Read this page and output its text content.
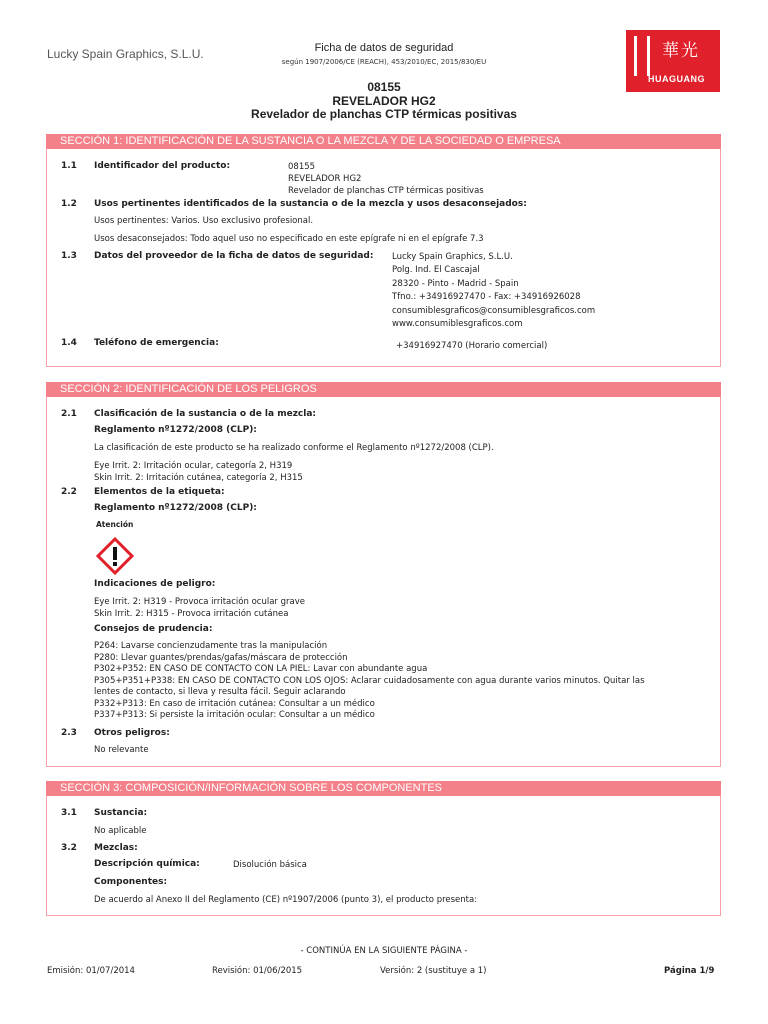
Lucky Spain Graphics, S.L.U.	Ficha de datos de seguridad
según 1907/2006/CE (REACH), 453/2010/EC, 2015/830/EU
華光
HUAGUANG
08155
REVELADOR HG2
Revelador de planchas CTP térmicas positivas
SECCIÓN 1: IDENTIFICACIÓN DE LA SUSTANCIA O LA MEZCLA Y DE LA SOCIEDAD O EMPRESA
1.1 Identificador del producto:	08155
REVELADOR HG2
Revelador de planchas CTP térmicas positivas
1.2 Usos pertinentes identificados de la sustancia o de la mezcla y usos desaconsejados:
Usos pertinentes: Varios. Uso exclusivo profesional.
Usos desaconsejados: Todo aquel uso no especificado en este epígrafe ni en el epígrafe 7.3
1.3 Datos del proveedor de la ficha de datos de seguridad: Lucky Spain Graphics, S.L.U.
Polg. Ind. El Cascajal
28320 - Pinto - Madrid - Spain
Tfno.: +34916927470 - Fax: +34916926028
consumiblesgraficos@consumiblesgraficos.com
www.consumiblesgraficos.com
1.4 Teléfono de emergencia:	+34916927470 (Horario comercial)
SECCIÓN 2: IDENTIFICACIÓN DE LOS PELIGROS
2.1 Clasificación de la sustancia o de la mezcla:
Reglamento nº1272/2008 (CLP):
La clasificación de este producto se ha realizado conforme el Reglamento nº1272/2008 (CLP).
Eye Irrit. 2: Irritación ocular, categoría 2, H319
Skin Irrit. 2: Irritación cutánea, categoría 2, H315
2.2 Elementos de la etiqueta:
Reglamento nº1272/2008 (CLP):
Atención
Indicaciones de peligro:
Eye Irrit. 2: H319 - Provoca irritación ocular grave
Skin Irrit. 2: H315 - Provoca irritación cutánea
Consejos de prudencia:
P264: Lavarse concienzudamente tras la manipulación
P280: Llevar guantes/prendas/gafas/máscara de protección
P302+P352: EN CASO DE CONTACTO CON LA PIEL: Lavar con abundante agua
P305+P351+P338: EN CASO DE CONTACTO CON LOS OJOS: Aclarar cuidadosamente con agua durante varios minutos. Quitar las
lentes de contacto, si lleva y resulta fácil. Seguir aclarando
P332+P313: En caso de irritación cutánea: Consultar a un médico
P337+P313: Si persiste la irritación ocular: Consultar a un médico
2.3 Otros peligros:
No relevante
SECCIÓN 3: COMPOSICIÓN/INFORMACIÓN SOBRE LOS COMPONENTES
3.1 Sustancia:
No aplicable
3.2 Mezclas:
Descripción química:	Disolución básica
Componentes:
De acuerdo al Anexo II del Reglamento (CE) nº1907/2006 (punto 3), el producto presenta:
- CONTINÚA EN LA SIGUIENTE PÁGINA -
Emisión: 01/07/2014	Revisión: 01/06/2015	Versión: 2 (sustituye a 1)	Página 1/9
